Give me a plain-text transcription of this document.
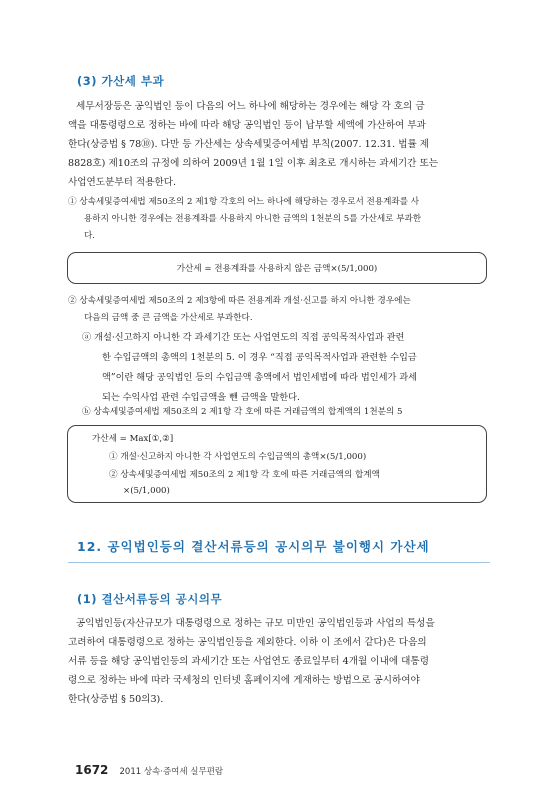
(3) 가산세 부과
세무서장등은 공익법인 등이 다음의 어느 하나에 해당하는 경우에는 해당 각 호의 금
액을 대통령령으로 정하는 바에 따라 해당 공익법인 등이 납부할 세액에 가산하여 부과
한다(상증법 § 78⑩). 다만 등 가산세는 상속세및증여세법 부칙(2007. 12.31. 법률 제
8828호) 제10조의 규정에 의하여 2009년 1월 1일 이후 최초로 개시하는 과세기간 또는
사업연도분부터 적용한다.
① 상속세및증여세법 제50조의 2 제1항 각호의 어느 하나에 해당하는 경우로서 전용계좌를 사
용하지 아니한 경우에는 전용계좌를 사용하지 아니한 금액의 1천분의 5를 가산세로 부과한
다.
가산세 = 전용계좌를 사용하지 않은 금액×(5/1,000)
② 상속세및증여세법 제50조의 2 제3항에 따른 전용계좌 개설·신고를 하지 아니한 경우에는
다음의 금액 중 큰 금액을 가산세로 부과한다.
ⓐ 개설·신고하지 아니한 각 과세기간 또는 사업연도의 직접 공익목적사업과 관련
한 수입금액의 총액의 1천분의 5. 이 경우 “직접 공익목적사업과 관련한 수입금
액”이란 해당 공익법인 등의 수입금액 총액에서 법인세법에 따라 법인세가 과세
되는 수익사업 관련 수입금액을 뺀 금액을 말한다.
ⓑ 상속세및증여세법 제50조의 2 제1항 각 호에 따른 거래금액의 합계액의 1천분의 5
가산세 = Max[①,②]
① 개설·신고하지 아니한 각 사업연도의 수입금액의 총액×(5/1,000)
② 상속세및증여세법 제50조의 2 제1항 각 호에 따른 거래금액의 합계액
×(5/1,000)
12. 공익법인등의 결산서류등의 공시의무 불이행시 가산세
(1) 결산서류등의 공시의무
공익법인등(자산규모가 대통령령으로 정하는 규모 미만인 공익법인등과 사업의 특성을
고려하여 대통령령으로 정하는 공익법인등을 제외한다. 이하 이 조에서 같다)은 다음의
서류 등을 해당 공익법인등의 과세기간 또는 사업연도 종료일부터 4개월 이내에 대통령
령으로 정하는 바에 따라 국세청의 인터넷 홈페이지에 게재하는 방법으로 공시하여야
한다(상증법 § 50의3).
1672 2011 상속·증여세 실무편람
